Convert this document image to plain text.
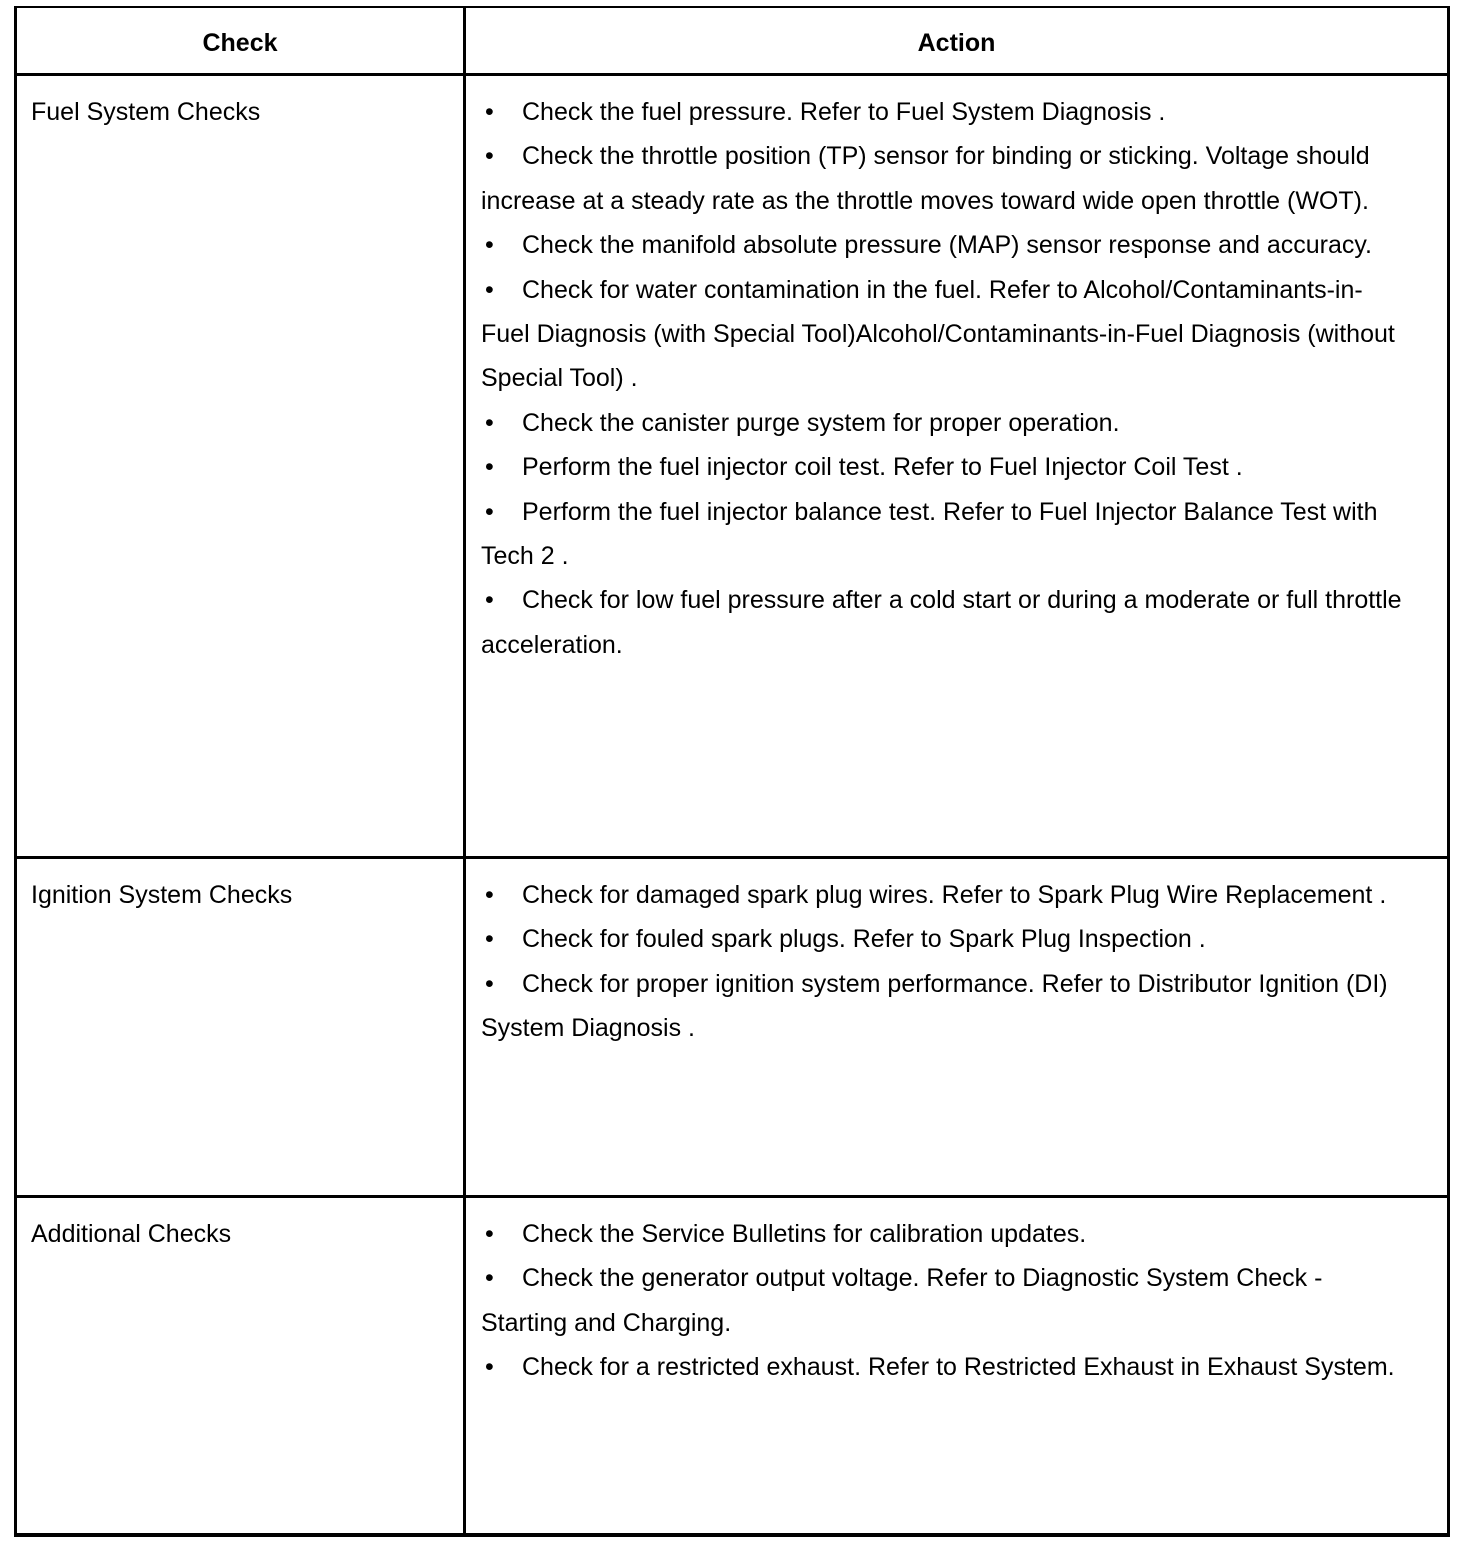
Check	Action
Fuel System Checks	• Check the fuel pressure. Refer to Fuel System Diagnosis .

• Check the throttle position (TP) sensor for binding or sticking. Voltage should increase at a steady rate as the throttle moves toward wide open throttle (WOT).

• Check the manifold absolute pressure (MAP) sensor response and accuracy.

• Check for water contamination in the fuel. Refer to Alcohol/Contaminants-in-Fuel Diagnosis (with Special Tool)Alcohol/Contaminants-in-Fuel Diagnosis (without Special Tool) .

• Check the canister purge system for proper operation.

• Perform the fuel injector coil test. Refer to Fuel Injector Coil Test .

• Perform the fuel injector balance test. Refer to Fuel Injector Balance Test with Tech 2 .

• Check for low fuel pressure after a cold start or during a moderate or full throttle acceleration.

Ignition System Checks	• Check for damaged spark plug wires. Refer to Spark Plug Wire Replacement .

• Check for fouled spark plugs. Refer to Spark Plug Inspection .

• Check for proper ignition system performance. Refer to Distributor Ignition (DI) System Diagnosis .

Additional Checks	• Check the Service Bulletins for calibration updates.

• Check the generator output voltage. Refer to Diagnostic System Check - Starting and Charging.

• Check for a restricted exhaust. Refer to Restricted Exhaust in Exhaust System.
